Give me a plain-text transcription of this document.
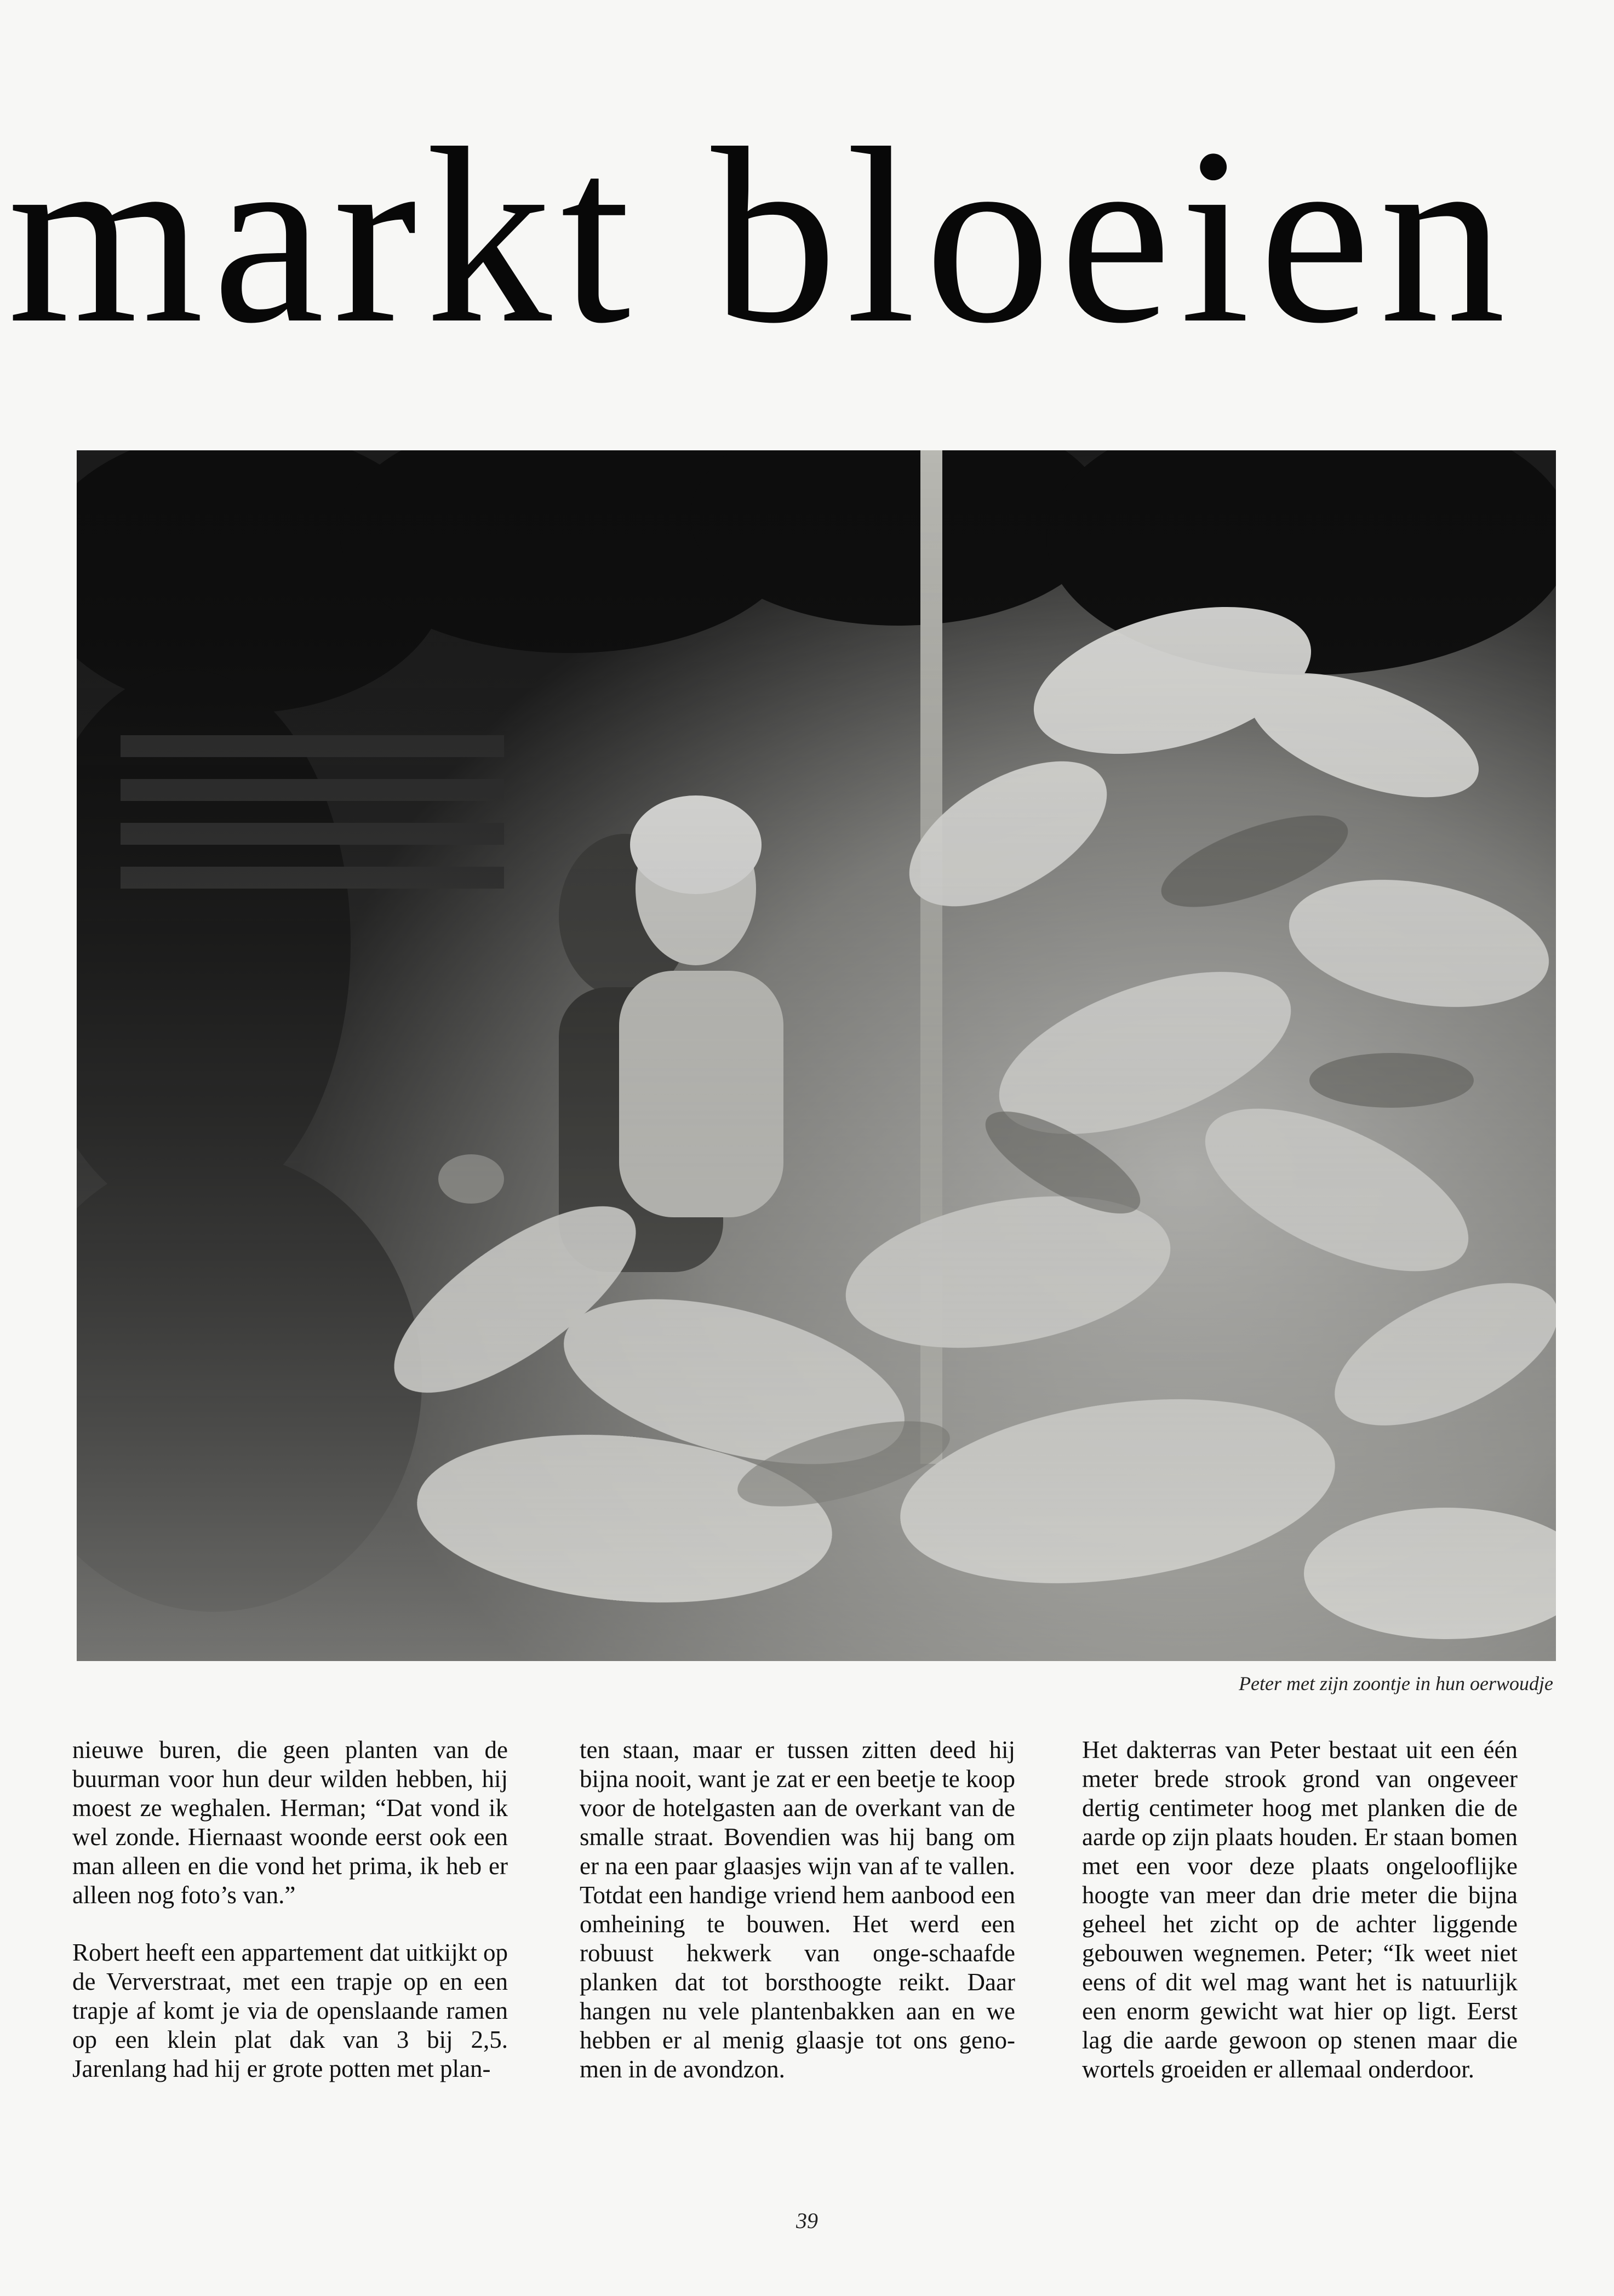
markt bloeien
Peter met zijn zoontje in hun oerwoudje

nieuwe buren, die geen planten van de buurman voor hun deur wilden hebben, hij moest ze weghalen. Herman; “Dat vond ik wel zonde. Hiernaast woonde eerst ook een man alleen en die vond het prima, ik heb er alleen nog foto’s van.”

Robert heeft een appartement dat uitkijkt op de Ververstraat, met een trapje op en een trapje af komt je via de openslaande ramen op een klein plat dak van 3 bij 2,5. Jarenlang had hij er grote potten met plan-

ten staan, maar er tussen zitten deed hij bijna nooit, want je zat er een beetje te koop voor de hotelgasten aan de overkant van de smalle straat. Bovendien was hij bang om er na een paar glaasjes wijn van af te vallen. Totdat een handige vriend hem aanbood een omheining te bouwen. Het werd een robuust hekwerk van onge-schaafde planken dat tot borsthoogte reikt. Daar hangen nu vele plantenbakken aan en we hebben er al menig glaasje tot ons geno-men in de avondzon.

Het dakterras van Peter bestaat uit een één meter brede strook grond van ongeveer dertig centimeter hoog met planken die de aarde op zijn plaats houden. Er staan bomen met een voor deze plaats ongelooflijke hoogte van meer dan drie meter die bijna geheel het zicht op de achter liggende gebouwen wegnemen. Peter; “Ik weet niet eens of dit wel mag want het is natuurlijk een enorm gewicht wat hier op ligt. Eerst lag die aarde gewoon op stenen maar die wortels groeiden er allemaal onderdoor.

39
